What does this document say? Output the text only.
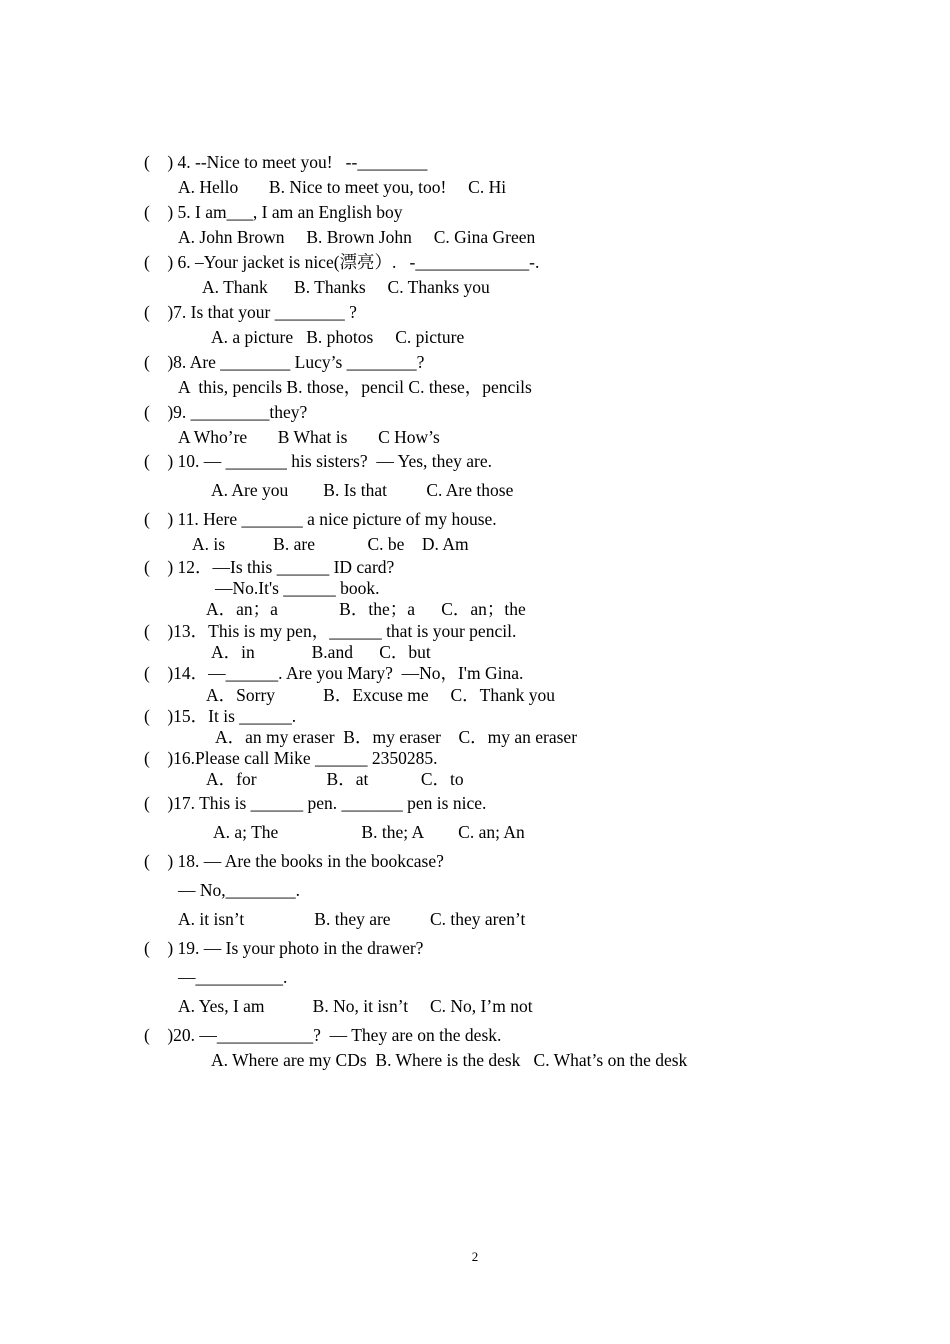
(    ) 4. --Nice to meet you!   --________
A. Hello       B. Nice to meet you, too!     C. Hi
(    ) 5. I am___, I am an English boy
A. John Brown     B. Brown John     C. Gina Green
(    ) 6. –Your jacket is nice(漂亮）.   -_____________-.
A. Thank      B. Thanks     C. Thanks you
(    )7. Is that your ________ ?
A. a picture   B. photos     C. picture
(    )8. Are ________ Lucy’s ________?
A  this, pencils B. those，pencil C. these，pencils
(    )9. _________they?
A Who’re       B What is       C How’s
(    ) 10. — _______ his sisters?  — Yes, they are.
A. Are you        B. Is that         C. Are those
(    ) 11. Here _______ a nice picture of my house.
A. is           B. are            C. be    D. Am
(    ) 12．—Is this ______ ID card?
—No.It's ______ book.
A．an；a              B．the；a      C．an；the
(    )13．This is my pen，______ that is your pencil.
A．in             B.and      C．but
(    )14．—______. Are you Mary?  —No，I'm Gina.
A．Sorry           B．Excuse me     C．Thank you
(    )15．It is ______.
A．an my eraser  B．my eraser    C．my an eraser
(    )16.Please call Mike ______ 2350285.
A．for                B．at            C．to
(    )17. This is ______ pen. _______ pen is nice.
A. a; The                   B. the; A        C. an; An
(    ) 18. — Are the books in the bookcase?
— No,________.
A. it isn’t                B. they are         C. they aren’t
(    ) 19. — Is your photo in the drawer?
—__________.
A. Yes, I am           B. No, it isn’t     C. No, I’m not
(    )20. —___________?  — They are on the desk.
A. Where are my CDs  B. Where is the desk   C. What’s on the desk
2
